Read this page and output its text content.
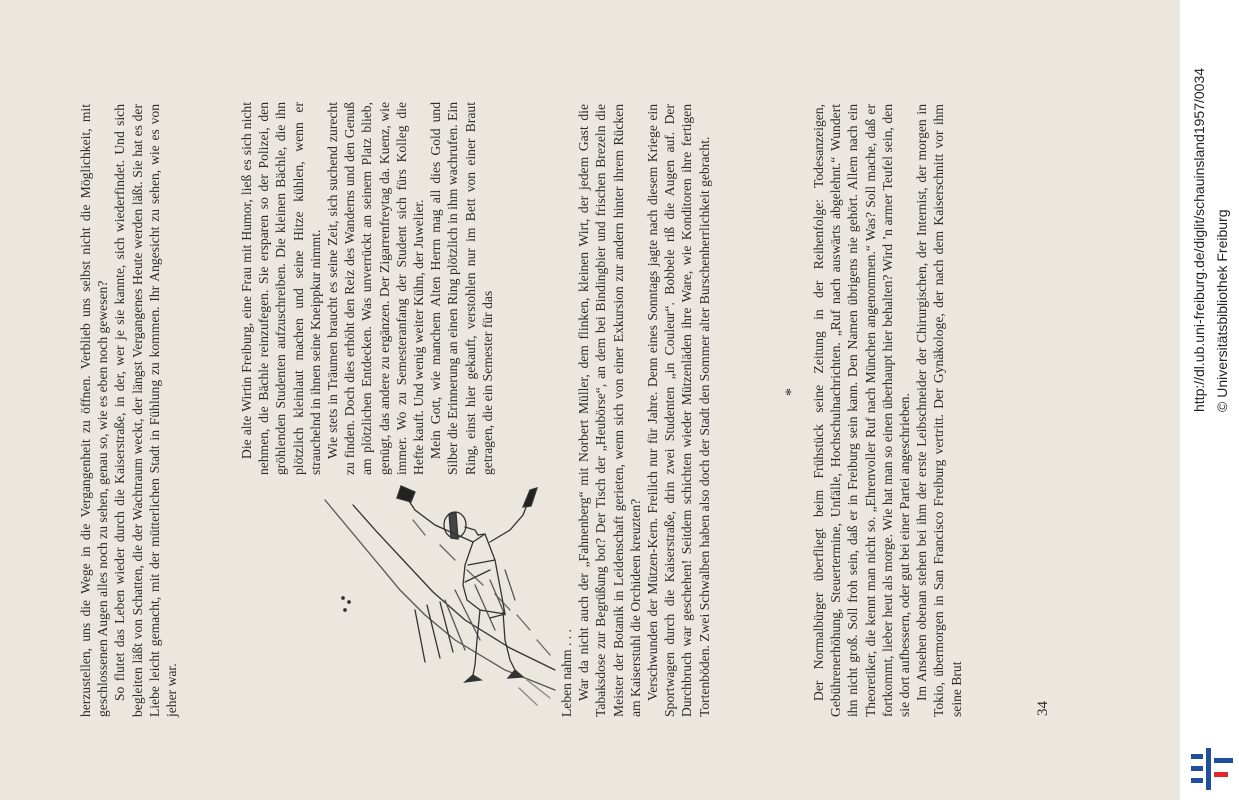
herzustellen, uns die Wege in die Vergangenheit zu öffnen. Verblieb uns selbst nicht die Möglichkeit, mit geschlossenen Augen alles noch zu sehen, genau so, wie es eben noch gewesen? So flutet das Leben wieder durch die Kaiserstraße, in der, wer je sie kannte, sich wiederfindet. Und sich begleiten läßt von Schatten, die der Wachtraum weckt, der längst Vergangenes Heute werden läßt. Sie hat es der Liebe leicht gemacht, mit der mütterlichen Stadt in Fühlung zu kommen. Ihr Angesicht zu sehen, wie es von jeher war.

Die alte Wirtin Freiburg, eine Frau mit Humor, ließ es sich nicht nehmen, die Bächle reinzufegen. Sie ersparen so der Polizei, den gröhlenden Studenten aufzuschreiben. Die kleinen Bächle, die ihn plötzlich kleinlaut machen und seine Hitze kühlen, wenn er strauchelnd in ihnen seine Kneippkur nimmt. Wie stets in Träumen braucht es seine Zeit, sich suchend zurecht zu finden. Doch dies erhöht den Reiz des Wanderns und den Genuß am plötzlichen Entdecken. Was unverrückt an seinem Platz blieb, genügt, das andere zu ergänzen. Der Zigarrenfreytag da. Kuenz, wie immer. Wo zu Semesteranfang der Student sich fürs Kolleg die Hefte kauft. Und wenig weiter Kühn, der Juwelier. Mein Gott, wie manchem Alten Herrn mag all dies Gold und Silber die Erinnerung an einen Ring plötzlich in ihm wachrufen. Ein Ring, einst hier gekauft, verstohlen nur im Bett von einer Braut getragen, die ein Semester für das

Leben nahm . . . War da nicht auch der „Fahnenberg“ mit Norbert Müller, dem flinken, kleinen Wirt, der jedem Gast die Tabaksdose zur Begrüßung bot? Der Tisch der „Heubörse“, an dem bei Bindingbier und frischen Brezeln die Meister der Botanik in Leidenschaft gerieten, wenn sich von einer Exkursion zur andern hinter ihrem Rücken am Kaiserstuhl die Orchideen kreuzten? Verschwunden der Mützen-Kern. Freilich nur für Jahre. Denn eines Sonntags jagte nach diesem Kriege ein Sportwagen durch die Kaiserstraße, drin zwei Studenten „in Couleur“. Bobbele riß die Augen auf. Der Durchbruch war geschehen! Seitdem schichten wieder Mützenläden ihre Ware, wie Konditoren ihre fertigen Tortenböden. Zwei Schwalben haben also doch der Stadt den Sommer alter Burschenherrlichkeit gebracht.	* Der Normalbürger überfliegt beim Frühstück seine Zeitung in der Reihenfolge: Todesanzeigen, Gebührenerhöhung, Steuertermine, Unfälle, Hochschulnachrichten. „Ruf nach auswärts abgelehnt.“ Wundert ihn nicht groß. Soll froh sein, daß er in Freiburg sein kann. Den Namen übrigens nie gehört. Allem nach ein Theoretiker, die kennt man nicht so. „Ehrenvoller Ruf nach München angenommen.“ Was? Soll mache, daß er fortkommt, lieber heut als morge. Wie hat man so einen überhaupt hier behalten? Wird ’n armer Teufel sein, den sie dort aufbessern, oder gut bei einer Partei angeschrieben. Im Ansehen obenan stehen bei ihm der erste Leibschneider der Chirurgischen, der Internist, der morgen in Tokio, übermorgen in San Francisco Freiburg vertritt. Der Gynäkologe, der nach dem Kaiserschnitt vor ihm seine Brut	34
http://dl.ub.uni-freiburg.de/diglit/schauinsland1957/0034 © Universitätsbibliothek Freiburg
